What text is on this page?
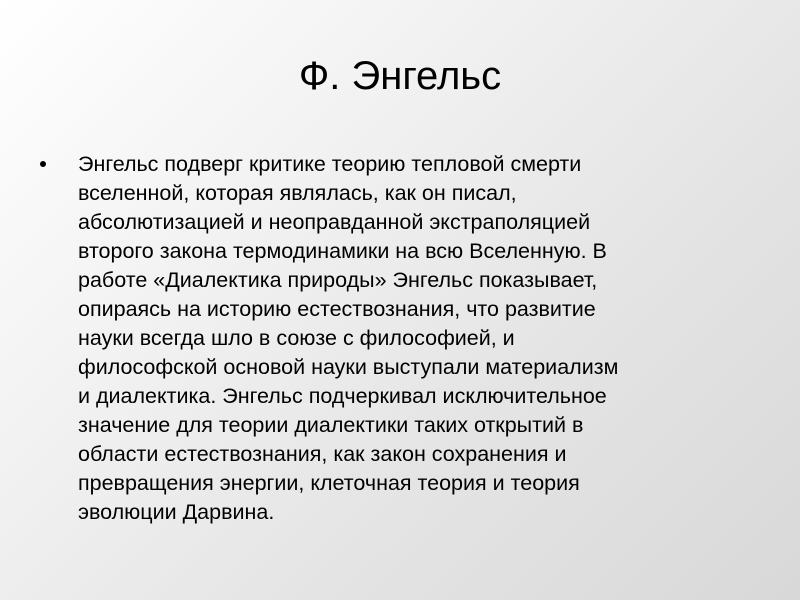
Ф. Энгельс
Энгельс подверг критике теорию тепловой смерти
вселенной, которая являлась, как он писал,
абсолютизацией и неоправданной экстраполяцией
второго закона термодинамики на всю Вселенную. В
работе «Диалектика природы» Энгельс показывает,
опираясь на историю естествознания, что развитие
науки всегда шло в союзе с философией, и
философской основой науки выступали материализм
и диалектика. Энгельс подчеркивал исключительное
значение для теории диалектики таких открытий в
области естествознания, как закон сохранения и
превращения энергии, клеточная теория и теория
эволюции Дарвина.
